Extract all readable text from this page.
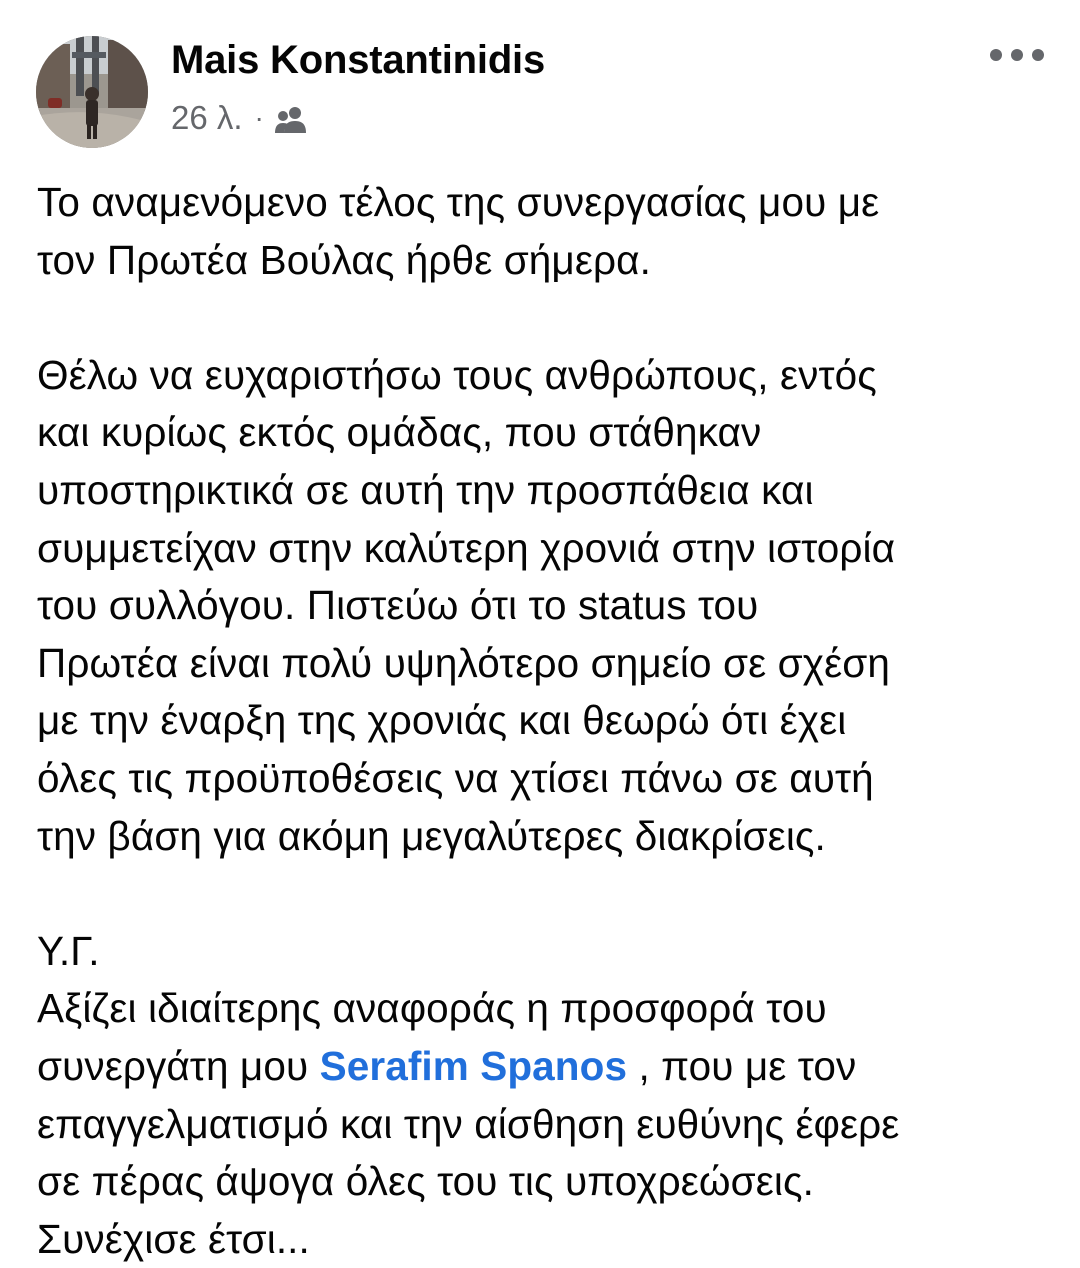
Mais Konstantinidis
26 λ. ·
Το αναμενόμενο τέλος της συνεργασίας μου με
τον Πρωτέα Βούλας ήρθε σήμερα.
Θέλω να ευχαριστήσω τους ανθρώπους, εντός
και κυρίως εκτός ομάδας, που στάθηκαν
υποστηρικτικά σε αυτή την προσπάθεια και
συμμετείχαν στην καλύτερη χρονιά στην ιστορία
του συλλόγου. Πιστεύω ότι το status του
Πρωτέα είναι πολύ υψηλότερο σημείο σε σχέση
με την έναρξη της χρονιάς και θεωρώ ότι έχει
όλες τις προϋποθέσεις να χτίσει πάνω σε αυτή
την βάση για ακόμη μεγαλύτερες διακρίσεις.
Υ.Γ.
Αξίζει ιδιαίτερης αναφοράς η προσφορά του
συνεργάτη μου Serafim Spanos , που με τον
επαγγελματισμό και την αίσθηση ευθύνης έφερε
σε πέρας άψογα όλες του τις υποχρεώσεις.
Συνέχισε έτσι...
